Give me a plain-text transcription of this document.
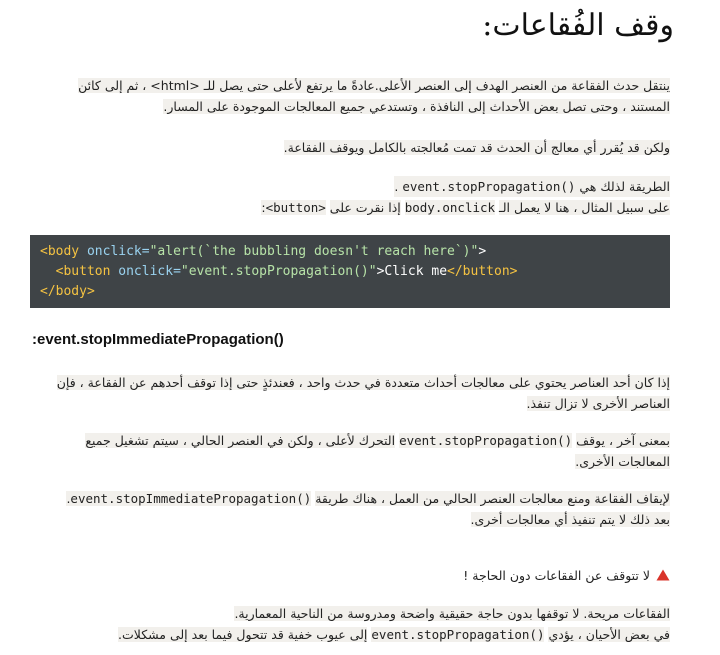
وقف الفُقاعات:
ينتقل حدث الفقاعة من العنصر الهدف إلى العنصر الأعلى.عادةً ما يرتفع لأعلى حتى يصل للـ <html> ، ثم إلى كائن
المستند ، وحتى تصل بعض الأحداث إلى النافذة ، وتستدعي جميع المعالجات الموجودة على المسار.
ولكن قد يُقرر أي معالج أن الحدث قد تمت مُعالجته بالكامل ويوقف الفقاعة.
الطريقة لذلك هي event.stopPropagation() .
على سبيل المثال ، هنا لا يعمل الـ body.onclick إذا نقرت على <button>:
<body onclick="alert(`the bubbling doesn't reach here`)">
<button onclick="event.stopPropagation()">Click me</button>
</body>
:event.stopImmediatePropagation()
إذا كان أحد العناصر يحتوي على معالجات أحداث متعددة في حدث واحد ، فعندئذٍ حتى إذا توقف أحدهم عن الفقاعة ، فإن
العناصر الأخرى لا تزال تنفذ.
بمعنى آخر ، يوقف event.stopPropagation() التحرك لأعلى ، ولكن في العنصر الحالي ، سيتم تشغيل جميع
المعالجات الأخرى.
لإيقاف الفقاعة ومنع معالجات العنصر الحالي من العمل ، هناك طريقة event.stopImmediatePropagation().
بعد ذلك لا يتم تنفيذ أي معالجات أخرى.
لا تتوقف عن الفقاعات دون الحاجة !
الفقاعات مريحة. لا توقفها بدون حاجة حقيقية واضحة ومدروسة من الناحية المعمارية.
في بعض الأحيان ، يؤدي event.stopPropagation() إلى عيوب خفية قد تتحول فيما بعد إلى مشكلات.
